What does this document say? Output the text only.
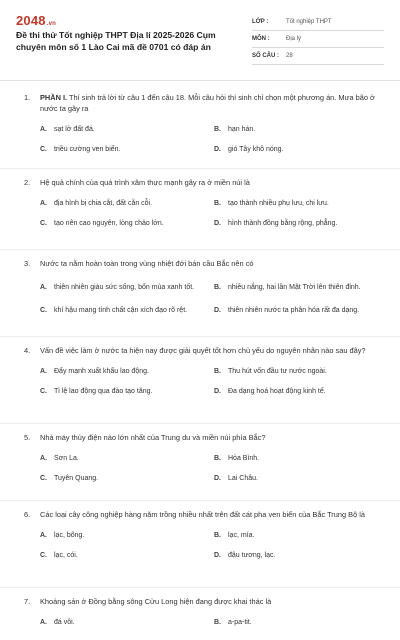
2048.vn
Đề thi thử Tốt nghiệp THPT Địa lí 2025-2026 Cụm chuyên môn số 1 Lào Cai mã đề 0701 có đáp án
LỚP :	Tốt nghiệp THPT
MÔN :	Địa lý
SỐ CÂU :	28
1.	PHẦN I. Thí sinh trả lời từ câu 1 đến câu 18. Mỗi câu hỏi thí sinh chỉ chọn một phương án. Mưa bão ở nước ta gây ra
A.	sạt lở đất đá.	B.	hạn hán.
C.	triều cường ven biển.	D.	gió Tây khô nóng.
2.	Hệ quả chính của quá trình xâm thực mạnh gây ra ở miền núi là
A.	địa hình bị chia cắt, đất cằn cỗi.	B.	tạo thành nhiều phụ lưu, chi lưu.
C.	tạo nên cao nguyên, lòng chảo lớn.	D.	hình thành đồng bằng rộng, phẳng.
3.	Nước ta nằm hoàn toàn trong vùng nhiệt đới bán cầu Bắc nên có
A.	thiên nhiên giàu sức sống, bốn mùa xanh tốt.	B.	nhiều nắng, hai lần Mặt Trời lên thiên đỉnh.
C.	khí hậu mang tính chất cận xích đạo rõ rệt.	D.	thiên nhiên nước ta phân hóa rất đa dạng.
4.	Vấn đề việc làm ở nước ta hiện nay được giải quyết tốt hơn chủ yếu do nguyên nhân nào sau đây?
A.	Đẩy mạnh xuất khẩu lao động.	B.	Thu hút vốn đầu tư nước ngoài.
C.	Tỉ lệ lao động qua đào tạo tăng.	D.	Đa dạng hoá hoạt động kinh tế.
5.	Nhà máy thủy điện nào lớn nhất của Trung du và miền núi phía Bắc?
A.	Sơn La.	B.	Hòa Bình.
C.	Tuyên Quang.	D.	Lai Châu.
6.	Các loại cây công nghiệp hàng năm trồng nhiều nhất trên đất cát pha ven biển của Bắc Trung Bộ là
A.	lạc, bông.	B.	lạc, mía.
C.	lạc, cói.	D.	đậu tương, lạc.
7.	Khoáng sản ở Đồng bằng sông Cửu Long hiện đang được khai thác là
A.	đá vôi.	B.	a-pa-tit.
